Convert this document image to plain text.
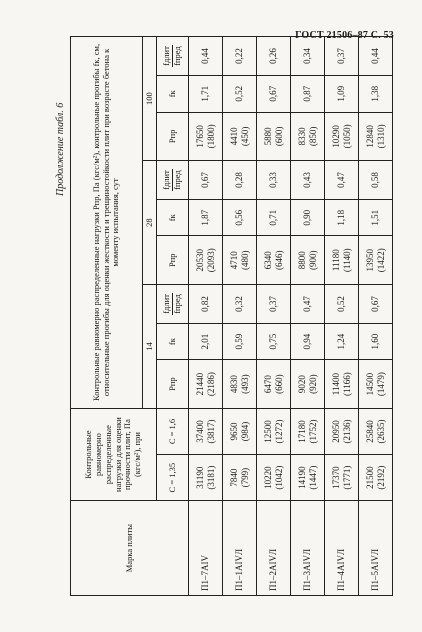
ГОСТ 21506–87 С. 53
Продолжение табл. 6
Марка плиты	Контрольные равномерно распределенные нагрузки для оценки прочности плит, Па (кгс/м²), при		Контрольные равномерно распределенные нагрузки Рпр, Па (кгс/м²), контрольные прогибы fк, см, относительные прогибы для оценки жесткости и трещиностойкости плит при возрасте бетона к моменту испытания, сут								
			14			28			100		
	C = 1,35	C = 1,6	Рпр	fк	fдлит fпред	Рпр	fк	fдлит fпред	Рпр	fк	fдлит fпред

П1–7АIV	31190 (3181)	37400 (3817)	21440 (2186)	2,01	0,82	20530 (2093)	1,87	0,67	17650 (1800)	1,71	0,44
П1–1АIVЛ	7840 (799)	9650 (984)	4830 (493)	0,59	0,32	4710 (480)	0,56	0,28	4410 (450)	0,52	0,22
П1–2АIVЛ	10220 (1042)	12500 (1272)	6470 (660)	0,75	0,37	6340 (646)	0,71	0,33	5880 (600)	0,67	0,26
П1–3АIVЛ	14190 (1447)	17180 (1752)	9020 (920)	0,94	0,47	8800 (900)	0,90	0,43	8330 (850)	0,87	0,34
П1–4АIVЛ	17370 (1771)	20950 (2136)	11400 (1166)	1,24	0,52	11180 (1140)	1,18	0,47	10290 (1050)	1,09	0,37
П1–5АIVЛ	21500 (2192)	25840 (2635)	14500 (1479)	1,60	0,67	13950 (1422)	1,51	0,58	12840 (1310)	1,38	0,44
